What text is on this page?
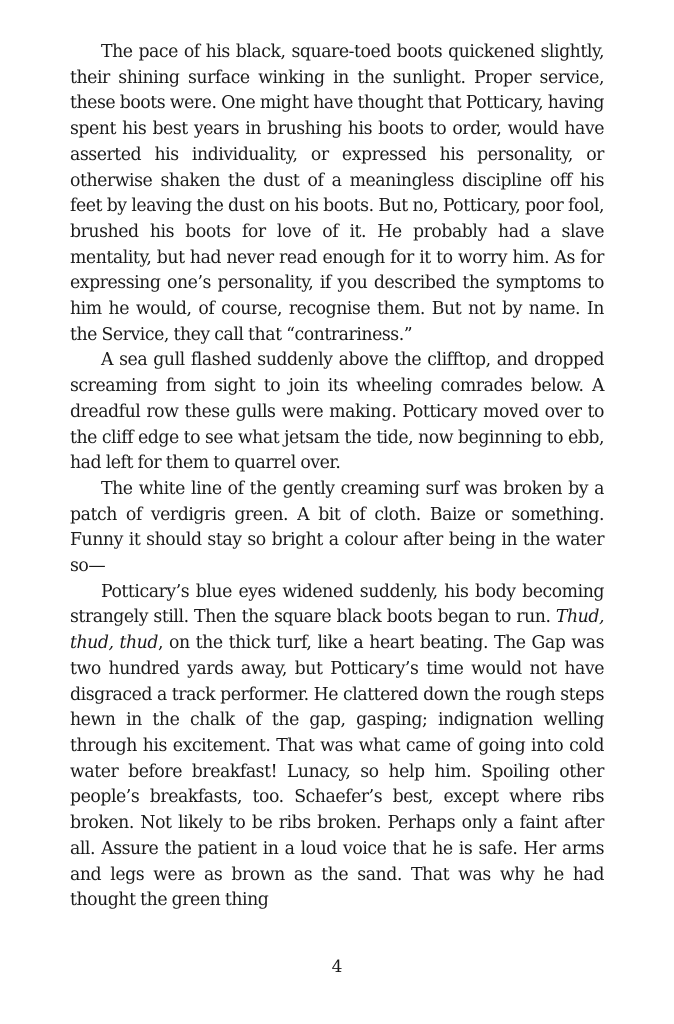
The pace of his black, square-toed boots quickened slightly, their shining surface winking in the sunlight. Proper service, these boots were. One might have thought that Potticary, having spent his best years in brushing his boots to order, would have asserted his individuality, or expressed his personality, or otherwise shaken the dust of a meaningless discipline off his feet by leaving the dust on his boots. But no, Potticary, poor fool, brushed his boots for love of it. He probably had a slave mentality, but had never read enough for it to worry him. As for expressing one’s personality, if you described the symptoms to him he would, of course, recognise them. But not by name. In the Service, they call that “contrariness.”

A sea gull flashed suddenly above the clifftop, and dropped screaming from sight to join its wheeling comrades below. A dreadful row these gulls were making. Potticary moved over to the cliff edge to see what jetsam the tide, now beginning to ebb, had left for them to quarrel over.

The white line of the gently creaming surf was broken by a patch of verdigris green. A bit of cloth. Baize or something. Funny it should stay so bright a colour after being in the water so—

Potticary’s blue eyes widened suddenly, his body becoming strangely still. Then the square black boots began to run. Thud, thud, thud, on the thick turf, like a heart beating. The Gap was two hundred yards away, but Potticary’s time would not have disgraced a track performer. He clattered down the rough steps hewn in the chalk of the gap, gasping; indignation welling through his excitement. That was what came of going into cold water before breakfast! Lunacy, so help him. Spoiling other people’s breakfasts, too. Schaefer’s best, except where ribs broken. Not likely to be ribs broken. Perhaps only a faint after all. Assure the patient in a loud voice that he is safe. Her arms and legs were as brown as the sand. That was why he had thought the green thing

4
